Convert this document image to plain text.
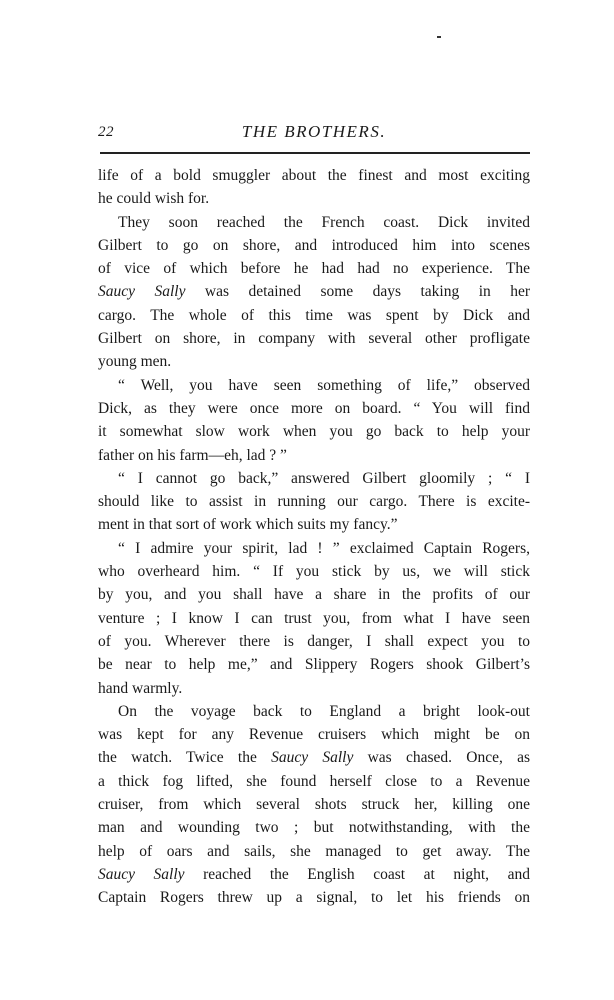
22	THE BROTHERS.
life of a bold smuggler about the finest and most exciting
he could wish for.
They soon reached the French coast. Dick invited
Gilbert to go on shore, and introduced him into scenes
of vice of which before he had had no experience. The
Saucy Sally was detained some days taking in her
cargo. The whole of this time was spent by Dick and
Gilbert on shore, in company with several other profligate
young men.
“ Well, you have seen something of life,” observed
Dick, as they were once more on board. “ You will find
it somewhat slow work when you go back to help your
father on his farm—eh, lad ? ”
“ I cannot go back,” answered Gilbert gloomily ; “ I
should like to assist in running our cargo. There is excite-
ment in that sort of work which suits my fancy.”
“ I admire your spirit, lad ! ” exclaimed Captain Rogers,
who overheard him. “ If you stick by us, we will stick
by you, and you shall have a share in the profits of our
venture ; I know I can trust you, from what I have seen
of you. Wherever there is danger, I shall expect you to
be near to help me,” and Slippery Rogers shook Gilbert’s
hand warmly.
On the voyage back to England a bright look-out
was kept for any Revenue cruisers which might be on
the watch. Twice the Saucy Sally was chased. Once, as
a thick fog lifted, she found herself close to a Revenue
cruiser, from which several shots struck her, killing one
man and wounding two ; but notwithstanding, with the
help of oars and sails, she managed to get away. The
Saucy Sally reached the English coast at night, and
Captain Rogers threw up a signal, to let his friends on
